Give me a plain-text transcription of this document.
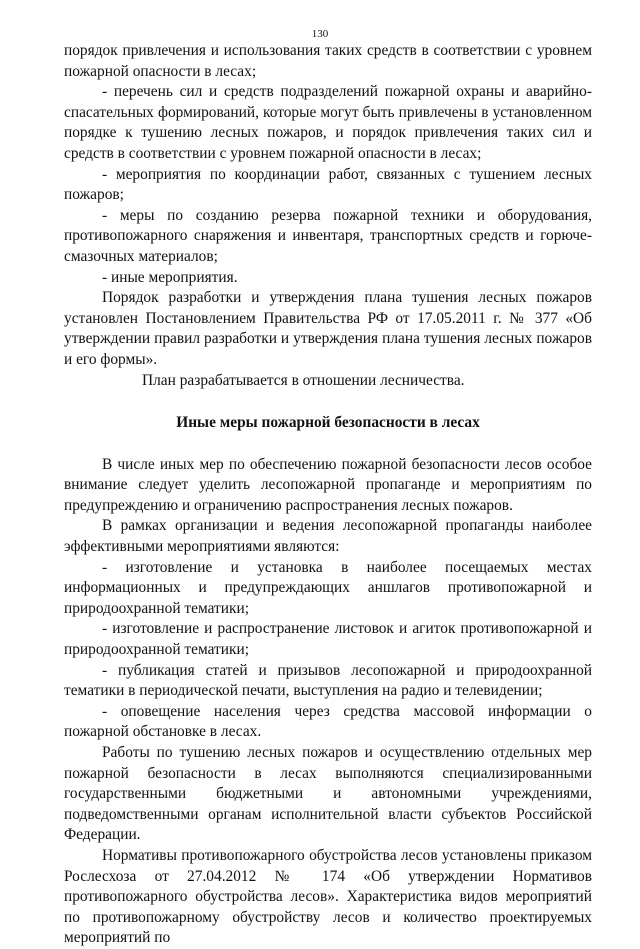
130

порядок привлечения и использования таких средств в соответствии с уровнем пожарной опасности в лесах;

- перечень сил и средств подразделений пожарной охраны и аварийно-спасательных формирований, которые могут быть привлечены в установленном порядке к тушению лесных пожаров, и порядок привлечения таких сил и средств в соответствии с уровнем пожарной опасности в лесах;

- мероприятия по координации работ, связанных с тушением лесных пожаров;

- меры по созданию резерва пожарной техники и оборудования, противопожарного снаряжения и инвентаря, транспортных средств и горюче-смазочных материалов;

- иные мероприятия.

Порядок разработки и утверждения плана тушения лесных пожаров установлен Постановлением Правительства РФ от 17.05.2011 г. № 377 «Об утверждении правил разработки и утверждения плана тушения лесных пожаров и его формы».

План разрабатывается в отношении лесничества.

Иные меры пожарной безопасности в лесах

В числе иных мер по обеспечению пожарной безопасности лесов особое внимание следует уделить лесопожарной пропаганде и мероприятиям по предупреждению и ограничению распространения лесных пожаров.

В рамках организации и ведения лесопожарной пропаганды наиболее эффективными мероприятиями являются:

- изготовление и установка в наиболее посещаемых местах информационных и предупреждающих аншлагов противопожарной и природоохранной тематики;

- изготовление и распространение листовок и агиток противопожарной и природоохранной тематики;

- публикация статей и призывов лесопожарной и природоохранной тематики в периодической печати, выступления на радио и телевидении;

- оповещение населения через средства массовой информации о пожарной обстановке в лесах.

Работы по тушению лесных пожаров и осуществлению отдельных мер пожарной безопасности в лесах выполняются специализированными государственными бюджетными и автономными учреждениями, подведомственными органам исполнительной власти субъектов Российской Федерации.

Нормативы противопожарного обустройства лесов установлены приказом Рослесхоза от 27.04.2012 № 174 «Об утверждении Нормативов противопожарного обустройства лесов». Характеристика видов мероприятий по противопожарному обустройству лесов и количество проектируемых мероприятий по
